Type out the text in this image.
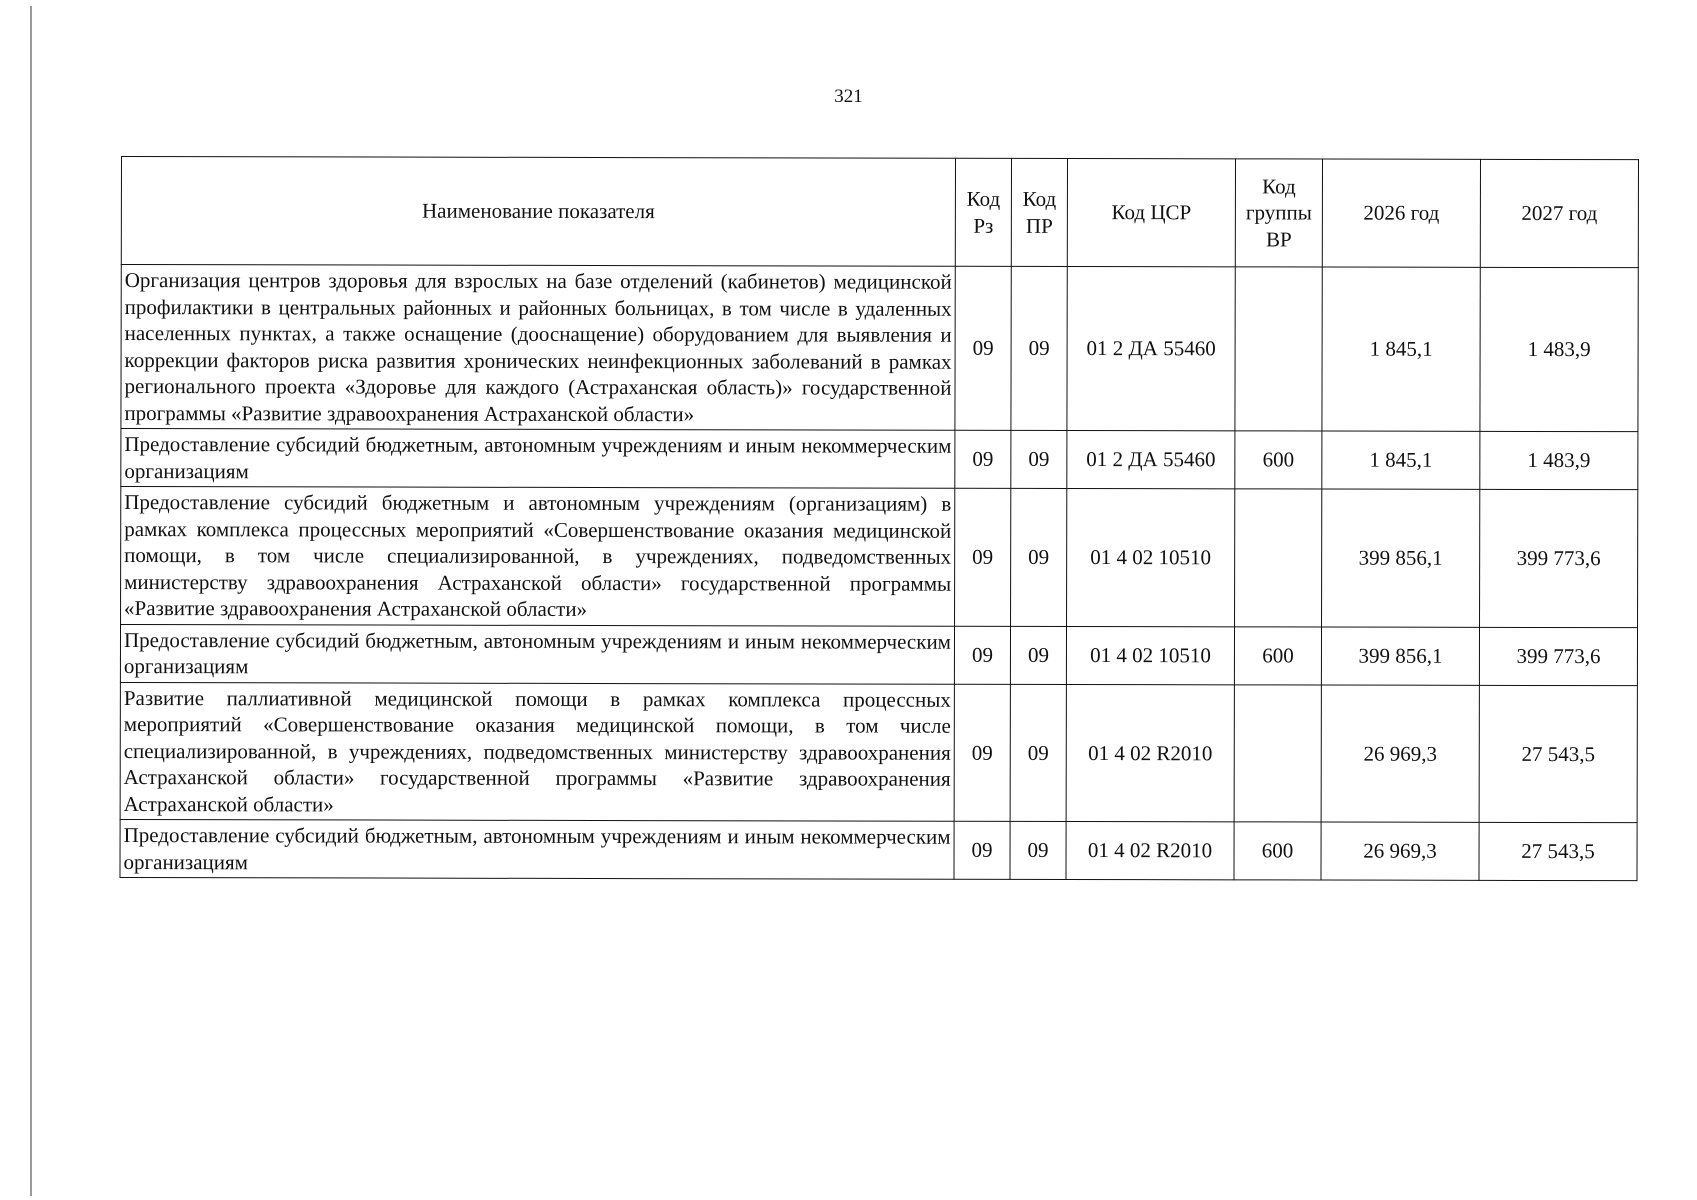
321
Наименование показателя	Код Рз	Код ПР	Код ЦСР	Код группы ВР	2026 год	2027 год
Организация центров здоровья для взрослых на базе отделений (кабинетов) медицинской профилактики в центральных районных и районных больницах, в том числе в удаленных населенных пунктах, а также оснащение (дооснащение) оборудованием для выявления и коррекции факторов риска развития хронических неинфекционных заболеваний в рамках регионального проекта «Здоровье для каждого (Астраханская область)» государственной программы «Развитие здравоохранения Астраханской области»	09	09	01 2 ДА 55460		1 845,1	1 483,9
Предоставление субсидий бюджетным, автономным учреждениям и иным некоммерческим организациям	09	09	01 2 ДА 55460	600	1 845,1	1 483,9
Предоставление субсидий бюджетным и автономным учреждениям (организациям) в рамках комплекса процессных мероприятий «Совершенствование оказания медицинской помощи, в том числе специализированной, в учреждениях, подведомственных министерству здравоохранения Астраханской области» государственной программы «Развитие здравоохранения Астраханской области»	09	09	01 4 02 10510		399 856,1	399 773,6
Предоставление субсидий бюджетным, автономным учреждениям и иным некоммерческим организациям	09	09	01 4 02 10510	600	399 856,1	399 773,6
Развитие паллиативной медицинской помощи в рамках комплекса процессных мероприятий «Совершенствование оказания медицинской помощи, в том числе специализированной, в учреждениях, подведомственных министерству здравоохранения Астраханской области» государственной программы «Развитие здравоохранения Астраханской области»	09	09	01 4 02 R2010		26 969,3	27 543,5
Предоставление субсидий бюджетным, автономным учреждениям и иным некоммерческим организациям	09	09	01 4 02 R2010	600	26 969,3	27 543,5
